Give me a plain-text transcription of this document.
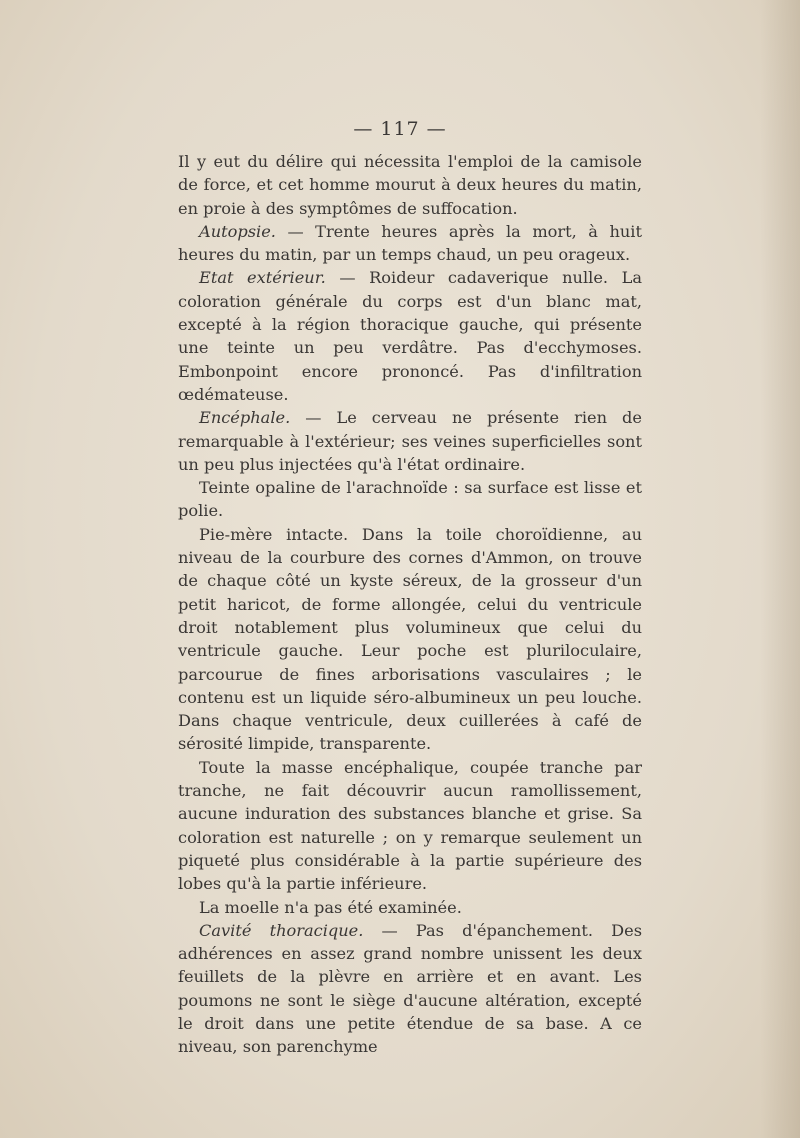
— 117 —

Il y eut du délire qui nécessita l'emploi de la camisole de force, et cet homme mourut à deux heures du matin, en proie à des symptômes de suffocation.

Autopsie. — Trente heures après la mort, à huit heures du matin, par un temps chaud, un peu orageux.

Etat extérieur. — Roideur cadaverique nulle. La coloration générale du corps est d'un blanc mat, excepté à la région thoracique gauche, qui présente une teinte un peu verdâtre. Pas d'ecchymoses. Embonpoint encore prononcé. Pas d'infiltration œdémateuse.

Encéphale. — Le cerveau ne présente rien de remarquable à l'extérieur; ses veines superficielles sont un peu plus injectées qu'à l'état ordinaire.

Teinte opaline de l'arachnoïde : sa surface est lisse et polie.

Pie-mère intacte. Dans la toile choroïdienne, au niveau de la courbure des cornes d'Ammon, on trouve de chaque côté un kyste séreux, de la grosseur d'un petit haricot, de forme allongée, celui du ventricule droit notablement plus volumineux que celui du ventricule gauche. Leur poche est pluriloculaire, parcourue de fines arborisations vasculaires ; le contenu est un liquide séro-albumineux un peu louche. Dans chaque ventricule, deux cuillerées à café de sérosité limpide, transparente.

Toute la masse encéphalique, coupée tranche par tranche, ne fait découvrir aucun ramollissement, aucune induration des substances blanche et grise. Sa coloration est naturelle ; on y remarque seulement un piqueté plus considérable à la partie supérieure des lobes qu'à la partie inférieure.

La moelle n'a pas été examinée.

Cavité thoracique. — Pas d'épanchement. Des adhérences en assez grand nombre unissent les deux feuillets de la plèvre en arrière et en avant. Les poumons ne sont le siège d'aucune altération, excepté le droit dans une petite étendue de sa base. A ce niveau, son parenchyme
